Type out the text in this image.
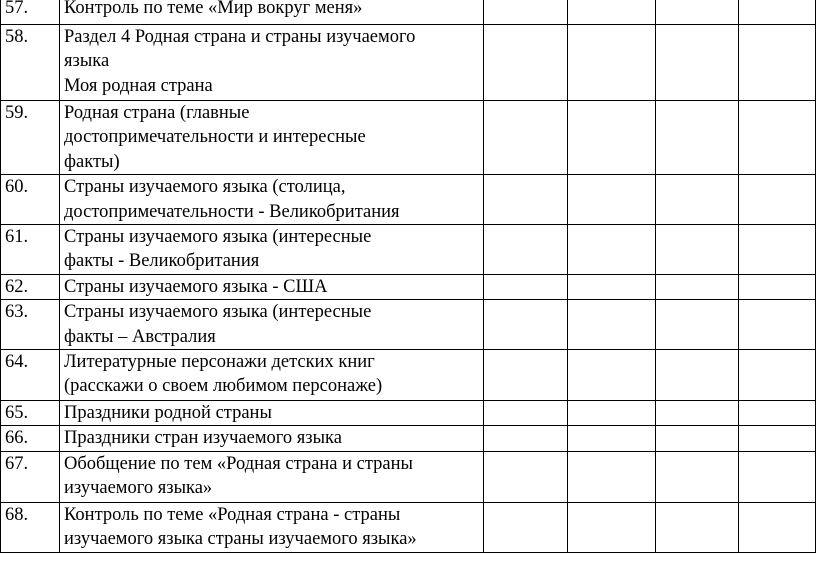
57.	Контроль по теме «Мир вокруг меня»				

58.	Раздел 4 Родная страна и страны изучаемого
языка
Моя родная страна				

59.	Родная страна (главные
достопримечательности и интересные
факты)				

60.	Страны изучаемого языка (столица,
достопримечательности - Великобритания				

61.	Страны изучаемого языка (интересные
факты - Великобритания				

62.	Страны изучаемого языка - США				

63.	Страны изучаемого языка (интересные
факты – Австралия				

64.	Литературные персонажи детских книг
(расскажи о своем любимом персонаже)				

65.	Праздники родной страны				

66.	Праздники стран изучаемого языка				

67.	Обобщение по тем «Родная страна и страны
изучаемого языка»				

68.	Контроль по теме «Родная страна - страны
изучаемого языка страны изучаемого языка»				
